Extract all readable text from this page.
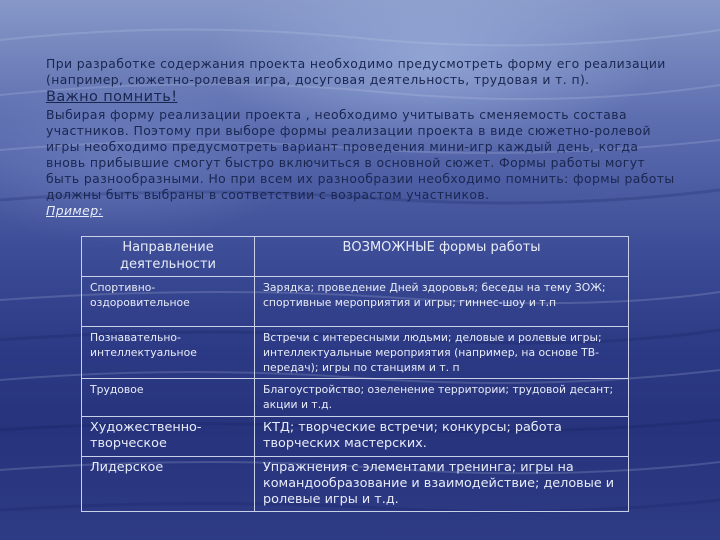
При разработке содержания проекта необходимо предусмотреть форму его реализации (например, сюжетно-ролевая игра, досуговая деятельность, трудовая и т. п).

Важно помнить!

Выбирая форму реализации проекта , необходимо учитывать сменяемость состава участников. Поэтому при выборе формы реализации проекта в виде сюжетно-ролевой игры необходимо предусмотреть вариант проведения мини-игр каждый день, когда вновь прибывшие смогут быстро включиться в основной сюжет. Формы работы могут быть разнообразными. Но при всем их разнообразии необходимо помнить: формы работы должны быть выбраны в соответствии с возрастом участников.

Пример:

Направление деятельности	ВОЗМОЖНЫЕ формы работы
Спортивно-оздоровительное	Зарядка; проведение Дней здоровья; беседы на тему ЗОЖ; спортивные мероприятия и игры; гиннес-шоу и т.п
Познавательно-интеллектуальное	Встречи с интересными людьми; деловые и ролевые игры; интеллектуальные мероприятия (например, на основе ТВ-передач); игры по станциям и т. п
Трудовое	Благоустройство; озеленение территории; трудовой десант; акции и т.д.
Художественно-творческое	КТД; творческие встречи; конкурсы; работа творческих мастерских.
Лидерское	Упражнения с элементами тренинга; игры на командообразование и взаимодействие; деловые и ролевые игры и т.д.
